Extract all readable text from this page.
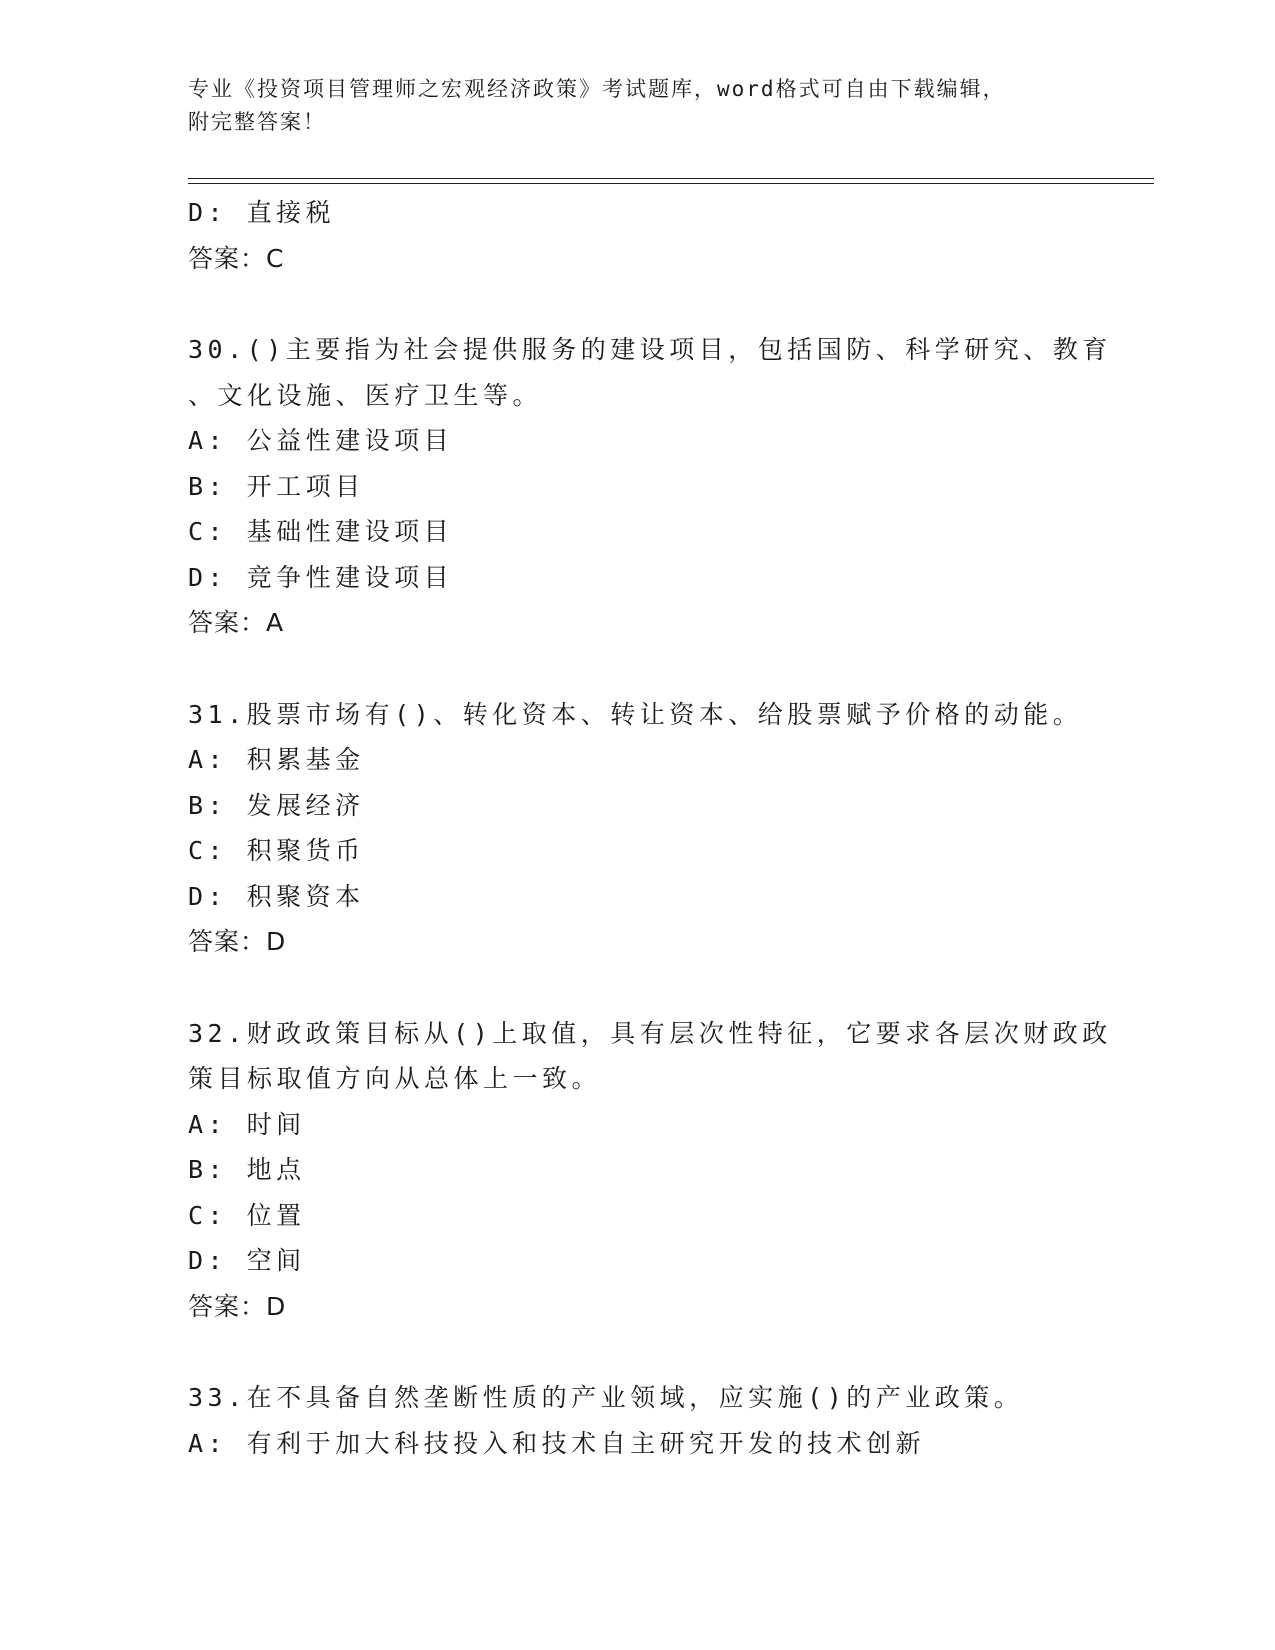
专业《投资项目管理师之宏观经济政策》考试题库，word格式可自由下载编辑，
附完整答案！
D: 直接税
答案：C
30.()主要指为社会提供服务的建设项目，包括国防、科学研究、教育
、文化设施、医疗卫生等。
A: 公益性建设项目
B: 开工项目
C: 基础性建设项目
D: 竞争性建设项目
答案：A
31.股票市场有()、转化资本、转让资本、给股票赋予价格的动能。
A: 积累基金
B: 发展经济
C: 积聚货币
D: 积聚资本
答案：D
32.财政政策目标从()上取值，具有层次性特征，它要求各层次财政政
策目标取值方向从总体上一致。
A: 时间
B: 地点
C: 位置
D: 空间
答案：D
33.在不具备自然垄断性质的产业领域，应实施()的产业政策。
A: 有利于加大科技投入和技术自主研究开发的技术创新
